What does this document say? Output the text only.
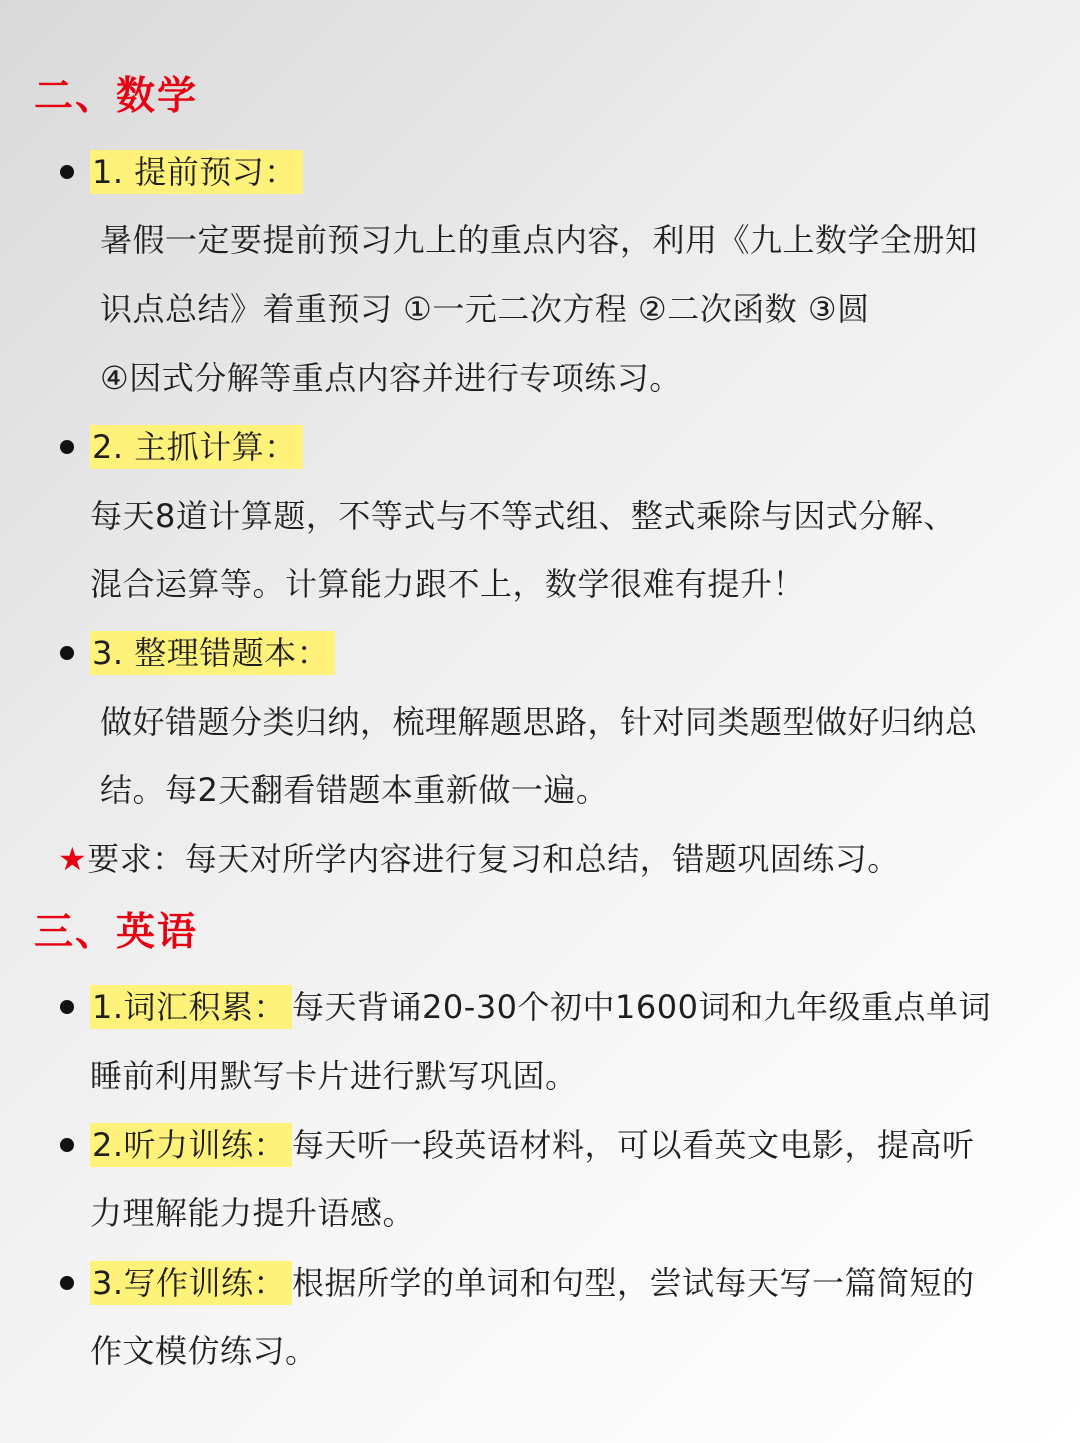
二、数学
1. 提前预习：
暑假一定要提前预习九上的重点内容，利用《九上数学全册知
识点总结》着重预习 ①一元二次方程 ②二次函数 ③圆
④因式分解等重点内容并进行专项练习。
2. 主抓计算：
每天8道计算题，不等式与不等式组、整式乘除与因式分解、
混合运算等。计算能力跟不上，数学很难有提升！
3. 整理错题本：
做好错题分类归纳，梳理解题思路，针对同类题型做好归纳总
结。每2天翻看错题本重新做一遍。
★要求：每天对所学内容进行复习和总结，错题巩固练习。
三、英语
1.词汇积累： 每天背诵20-30个初中1600词和九年级重点单词
睡前利用默写卡片进行默写巩固。
2.听力训练： 每天听一段英语材料，可以看英文电影，提高听
力理解能力提升语感。
3.写作训练： 根据所学的单词和句型，尝试每天写一篇简短的
作文模仿练习。
